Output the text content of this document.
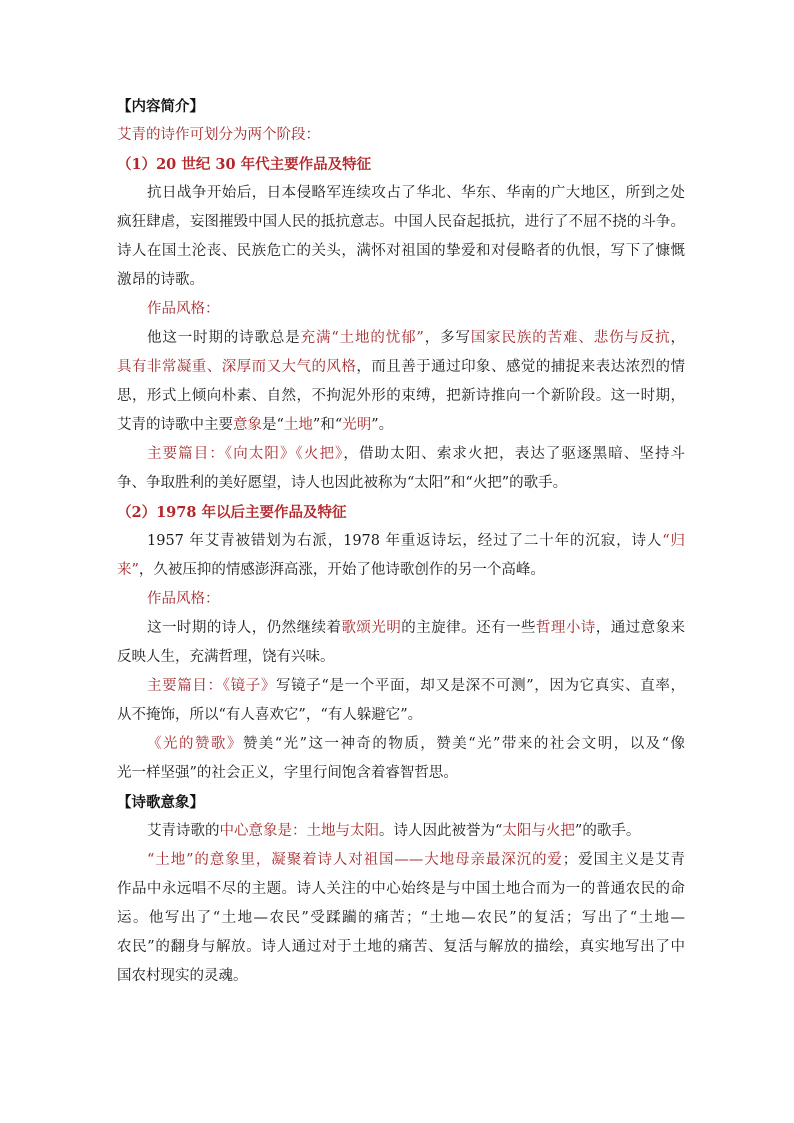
【内容简介】
艾青的诗作可划分为两个阶段：
（1）20 世纪 30 年代主要作品及特征
抗日战争开始后，日本侵略军连续攻占了华北、华东、华南的广大地区，所到之处
疯狂肆虐，妄图摧毁中国人民的抵抗意志。中国人民奋起抵抗，进行了不屈不挠的斗争。
诗人在国土沦丧、民族危亡的关头，满怀对祖国的挚爱和对侵略者的仇恨，写下了慷慨
激昂的诗歌。
作品风格：
他这一时期的诗歌总是充满“土地的忧郁”，多写国家民族的苦难、悲伤与反抗，
具有非常凝重、深厚而又大气的风格，而且善于通过印象、感觉的捕捉来表达浓烈的情
思，形式上倾向朴素、自然，不拘泥外形的束缚，把新诗推向一个新阶段。这一时期，
艾青的诗歌中主要意象是“土地”和“光明”。
主要篇目：《向太阳》《火把》，借助太阳、索求火把，表达了驱逐黑暗、坚持斗
争、争取胜利的美好愿望，诗人也因此被称为“太阳”和“火把”的歌手。
（2）1978 年以后主要作品及特征
1957 年艾青被错划为右派，1978 年重返诗坛，经过了二十年的沉寂，诗人“归
来”，久被压抑的情感澎湃高涨，开始了他诗歌创作的另一个高峰。
作品风格：
这一时期的诗人，仍然继续着歌颂光明的主旋律。还有一些哲理小诗，通过意象来
反映人生，充满哲理，饶有兴味。
主要篇目：《镜子》写镜子“是一个平面，却又是深不可测”，因为它真实、直率，
从不掩饰，所以“有人喜欢它”，“有人躲避它”。
《光的赞歌》赞美“光”这一神奇的物质，赞美“光”带来的社会文明，以及“像
光一样坚强”的社会正义，字里行间饱含着睿智哲思。
【诗歌意象】
艾青诗歌的中心意象是：土地与太阳。诗人因此被誉为“太阳与火把”的歌手。
“土地”的意象里，凝聚着诗人对祖国——大地母亲最深沉的爱；爱国主义是艾青
作品中永远唱不尽的主题。诗人关注的中心始终是与中国土地合而为一的普通农民的命
运。他写出了“土地—农民”受蹂躏的痛苦；“土地—农民”的复活；写出了“土地—
农民”的翻身与解放。诗人通过对于土地的痛苦、复活与解放的描绘，真实地写出了中
国农村现实的灵魂。
